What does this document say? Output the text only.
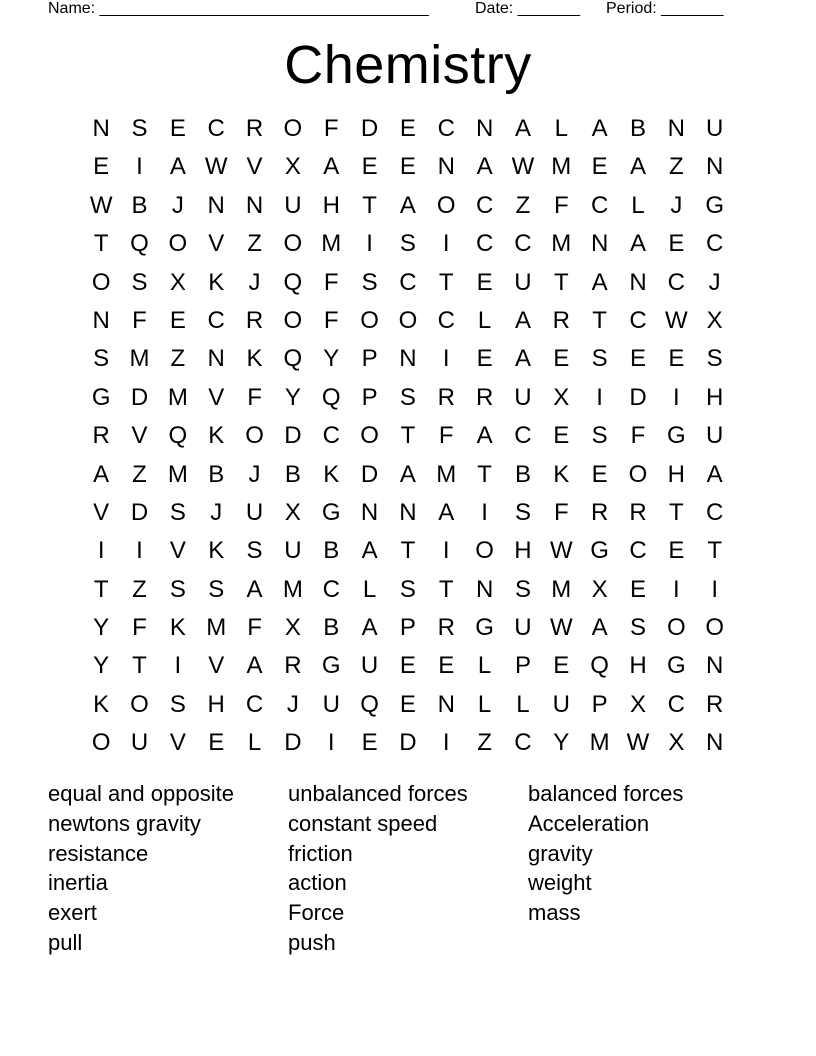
Name: _____________________________________	Date: _______ Period: _______
Chemistry
N S E C R O F D E C N A L A B N U
E	I	A W V X A E E N A W M E A Z N
W B	J N N U H T A O C Z F C L	J G
T Q O V Z O M	I	S	I	C C M N A E C
O S X K	J Q F S C T E U T A N C J
N F E C R O F O O C L A R T C W X
S M Z N K Q Y P N	I	E A E S E E S
G D M V F Y Q P S R R U X	I	D	I	H
R V Q K O D C O T F A C E S F G U
A Z M B	J	B K D A M T B K E O H A
V D S	J U X G N N A	I	S F R R T C
I	I	V K S U B A T	I	O H W G C E T
T Z S S A M C L S T N S M X E	I	I
Y F K M F X B A P R G U W A S O O
Y T	I	V A R G U E E L P E Q H G N
K O S H C J U Q E N L	L U P X C R
O U V E L D	I	E D	I	Z C Y M W X N
equal and opposite
newtons gravity
resistance
inertia
exert
pull
unbalanced forces
constant speed
friction
action
Force
push
balanced forces
Acceleration
gravity
weight
mass
